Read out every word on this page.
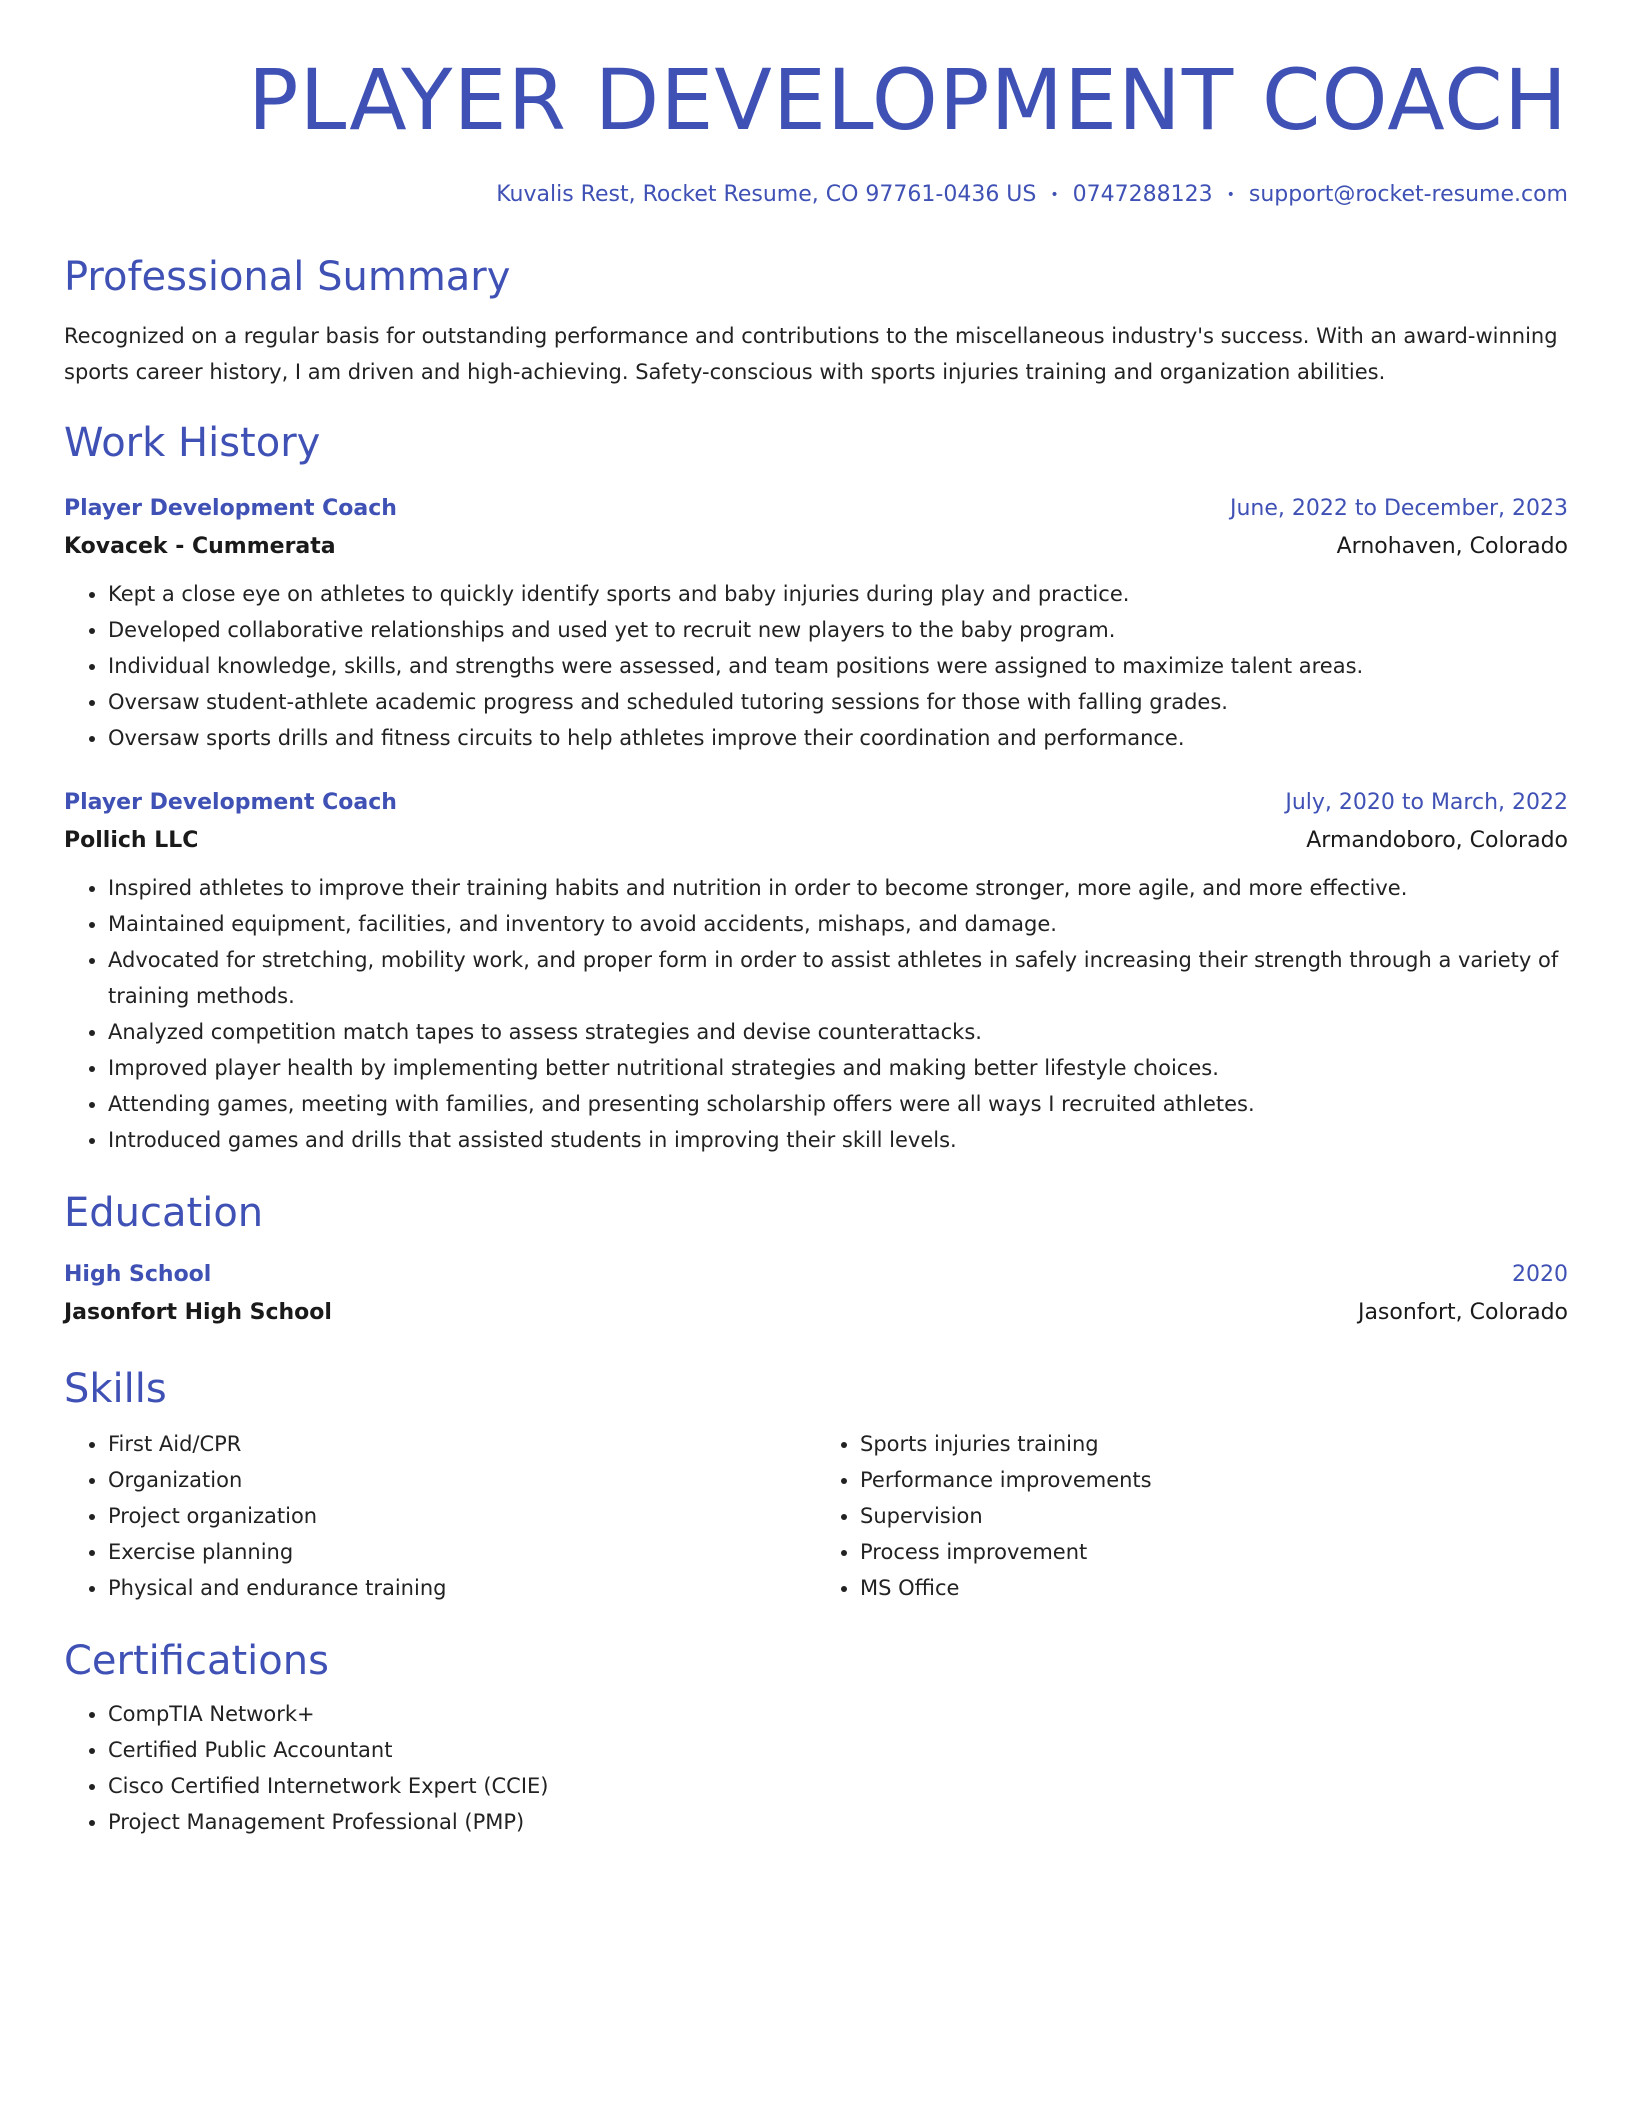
PLAYER DEVELOPMENT COACH
Kuvalis Rest, Rocket Resume, CO 97761-0436 US • 0747288123 • support@rocket-resume.com
Professional Summary
Recognized on a regular basis for outstanding performance and contributions to the miscellaneous industry's success. With an award-winning sports career history, I am driven and high-achieving. Safety-conscious with sports injuries training and organization abilities.
Work History
Player Development Coach	June, 2022 to December, 2023
Kovacek - Cummerata	Arnohaven, Colorado
• Kept a close eye on athletes to quickly identify sports and baby injuries during play and practice.
• Developed collaborative relationships and used yet to recruit new players to the baby program.
• Individual knowledge, skills, and strengths were assessed, and team positions were assigned to maximize talent areas.
• Oversaw student-athlete academic progress and scheduled tutoring sessions for those with falling grades.
• Oversaw sports drills and fitness circuits to help athletes improve their coordination and performance.
Player Development Coach	July, 2020 to March, 2022
Pollich LLC	Armandoboro, Colorado
• Inspired athletes to improve their training habits and nutrition in order to become stronger, more agile, and more effective.
• Maintained equipment, facilities, and inventory to avoid accidents, mishaps, and damage.
• Advocated for stretching, mobility work, and proper form in order to assist athletes in safely increasing their strength through a variety of training methods.
• Analyzed competition match tapes to assess strategies and devise counterattacks.
• Improved player health by implementing better nutritional strategies and making better lifestyle choices.
• Attending games, meeting with families, and presenting scholarship offers were all ways I recruited athletes.
• Introduced games and drills that assisted students in improving their skill levels.
Education
High School	2020
Jasonfort High School	Jasonfort, Colorado
Skills
• First Aid/CPR
• Organization
• Project organization
• Exercise planning
• Physical and endurance training
• Sports injuries training
• Performance improvements
• Supervision
• Process improvement
• MS Office
Certifications
• CompTIA Network+
• Certified Public Accountant
• Cisco Certified Internetwork Expert (CCIE)
• Project Management Professional (PMP)
